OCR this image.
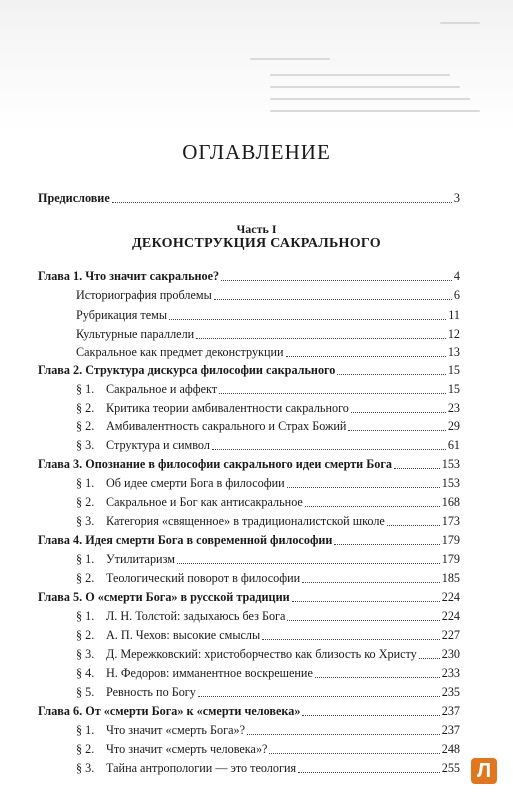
ОГЛАВЛЕНИЕ
Предисловие	3
Часть I
ДЕКОНСТРУКЦИЯ САКРАЛЬНОГО
Глава 1. Что значит сакральное?	4
Историография проблемы	6
Рубрикация темы	11
Культурные параллели	12
Сакральное как предмет деконструкции	13
Глава 2. Структура дискурса философии сакрального	15
§ 1. Сакральное и аффект	15
§ 2. Критика теории амбивалентности сакрального	23
§ 2. Амбивалентность сакрального и Страх Божий	29
§ 3. Структура и символ	61
Глава 3. Опознание в философии сакрального идеи смерти Бога	153
§ 1. Об идее смерти Бога в философии	153
§ 2. Сакральное и Бог как антисакральное	168
§ 3. Категория «священное» в традиционалистской школе	173
Глава 4. Идея смерти Бога в современной философии	179
§ 1. Утилитаризм	179
§ 2. Теологический поворот в философии	185
Глава 5. О «смерти Бога» в русской традиции	224
§ 1. Л. Н. Толстой: задыхаюсь без Бога	224
§ 2. А. П. Чехов: высокие смыслы	227
§ 3. Д. Мережковский: христоборчество как близость ко Христу 230
§ 4. Н. Федоров: имманентное воскрешение	233
§ 5. Ревность по Богу	235
Глава 6. От «смерти Бога» к «смерти человека»	237
§ 1. Что значит «смерть Бога»?	237
§ 2. Что значит «смерть человека»?	248
§ 3. Тайна антропологии — это теология	255 Л
